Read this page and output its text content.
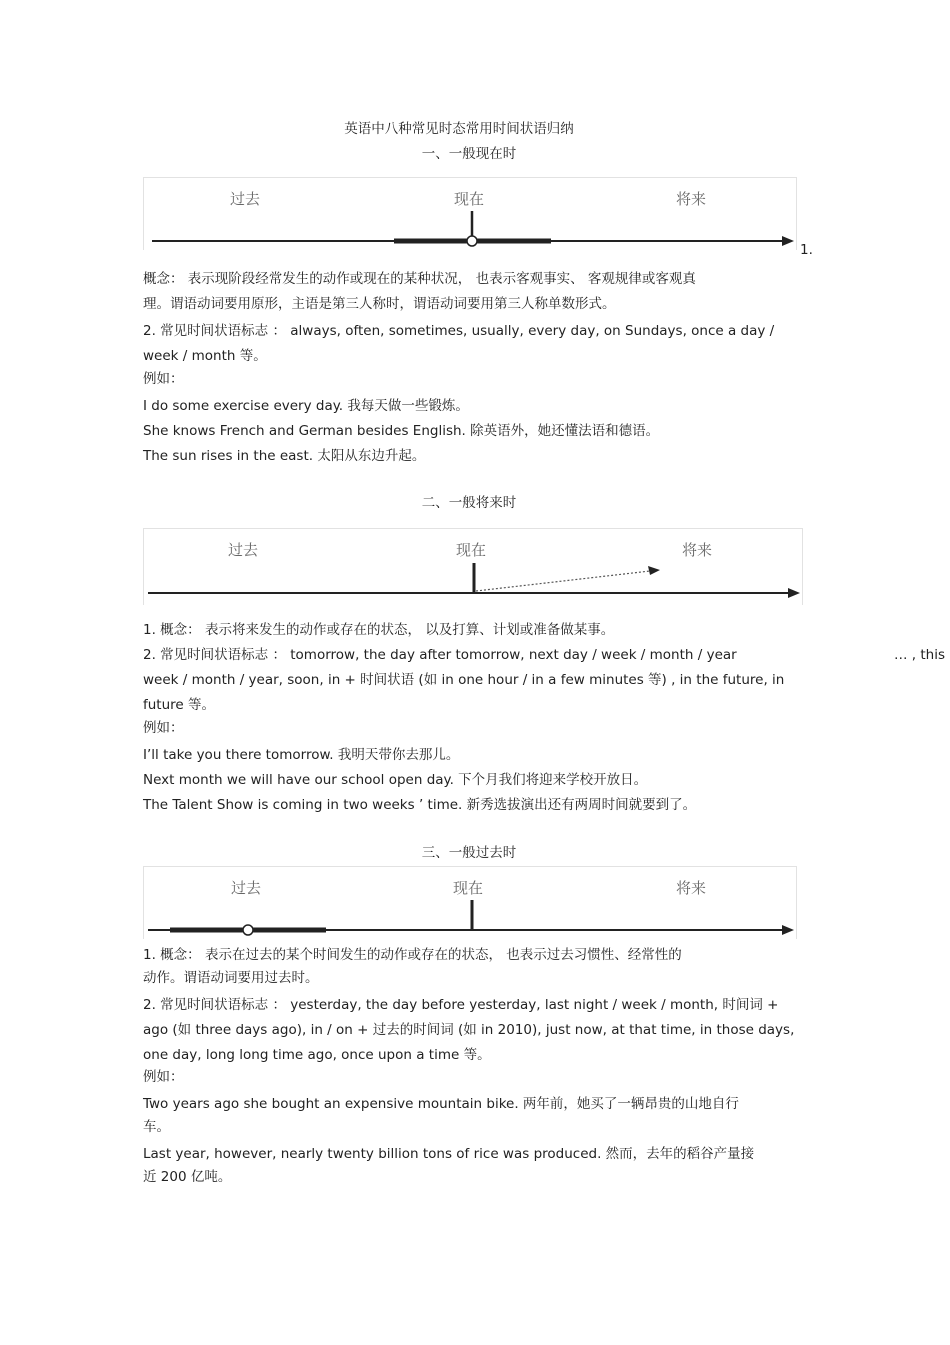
英语中八种常见时态常用时间状语归纳
一、一般现在时
过去	现在	将来
1.
概念： 表示现阶段经常发生的动作或现在的某种状况， 也表示客观事实、 客观规律或客观真
理。谓语动词要用原形，主语是第三人称时，谓语动词要用第三人称单数形式。
2. 常见时间状语标志 ： always, often, sometimes, usually, every day, on Sundays, once a day /
week / month 等。
例如：
I do some exercise every day. 我每天做一些锻炼。
She knows French and German besides English. 除英语外，她还懂法语和德语。
The sun rises in the east. 太阳从东边升起。
二、一般将来时
过去	现在	将来
1. 概念： 表示将来发生的动作或存在的状态， 以及打算、计划或准备做某事。
2. 常见时间状语标志 ： tomorrow, the day after tomorrow, next day / week / month / year	… , this
week / month / year, soon, in + 时间状语 (如 in one hour / in a few minutes 等) , in the future, in
future 等。
例如：
I’ll take you there tomorrow. 我明天带你去那儿。
Next month we will have our school open day. 下个月我们将迎来学校开放日。
The Talent Show is coming in two weeks ’ time. 新秀选拔演出还有两周时间就要到了。
三、一般过去时
过去	现在	将来
1. 概念： 表示在过去的某个时间发生的动作或存在的状态， 也表示过去习惯性、经常性的
动作。谓语动词要用过去时。
2. 常见时间状语标志 ： yesterday, the day before yesterday, last night / week / month, 时间词 +
ago (如 three days ago), in / on + 过去的时间词 (如 in 2010), just now, at that time, in those days,
one day, long long time ago, once upon a time 等。
例如：
Two years ago she bought an expensive mountain bike. 两年前，她买了一辆昂贵的山地自行
车。
Last year, however, nearly twenty billion tons of rice was produced. 然而，去年的稻谷产量接
近 200 亿吨。
